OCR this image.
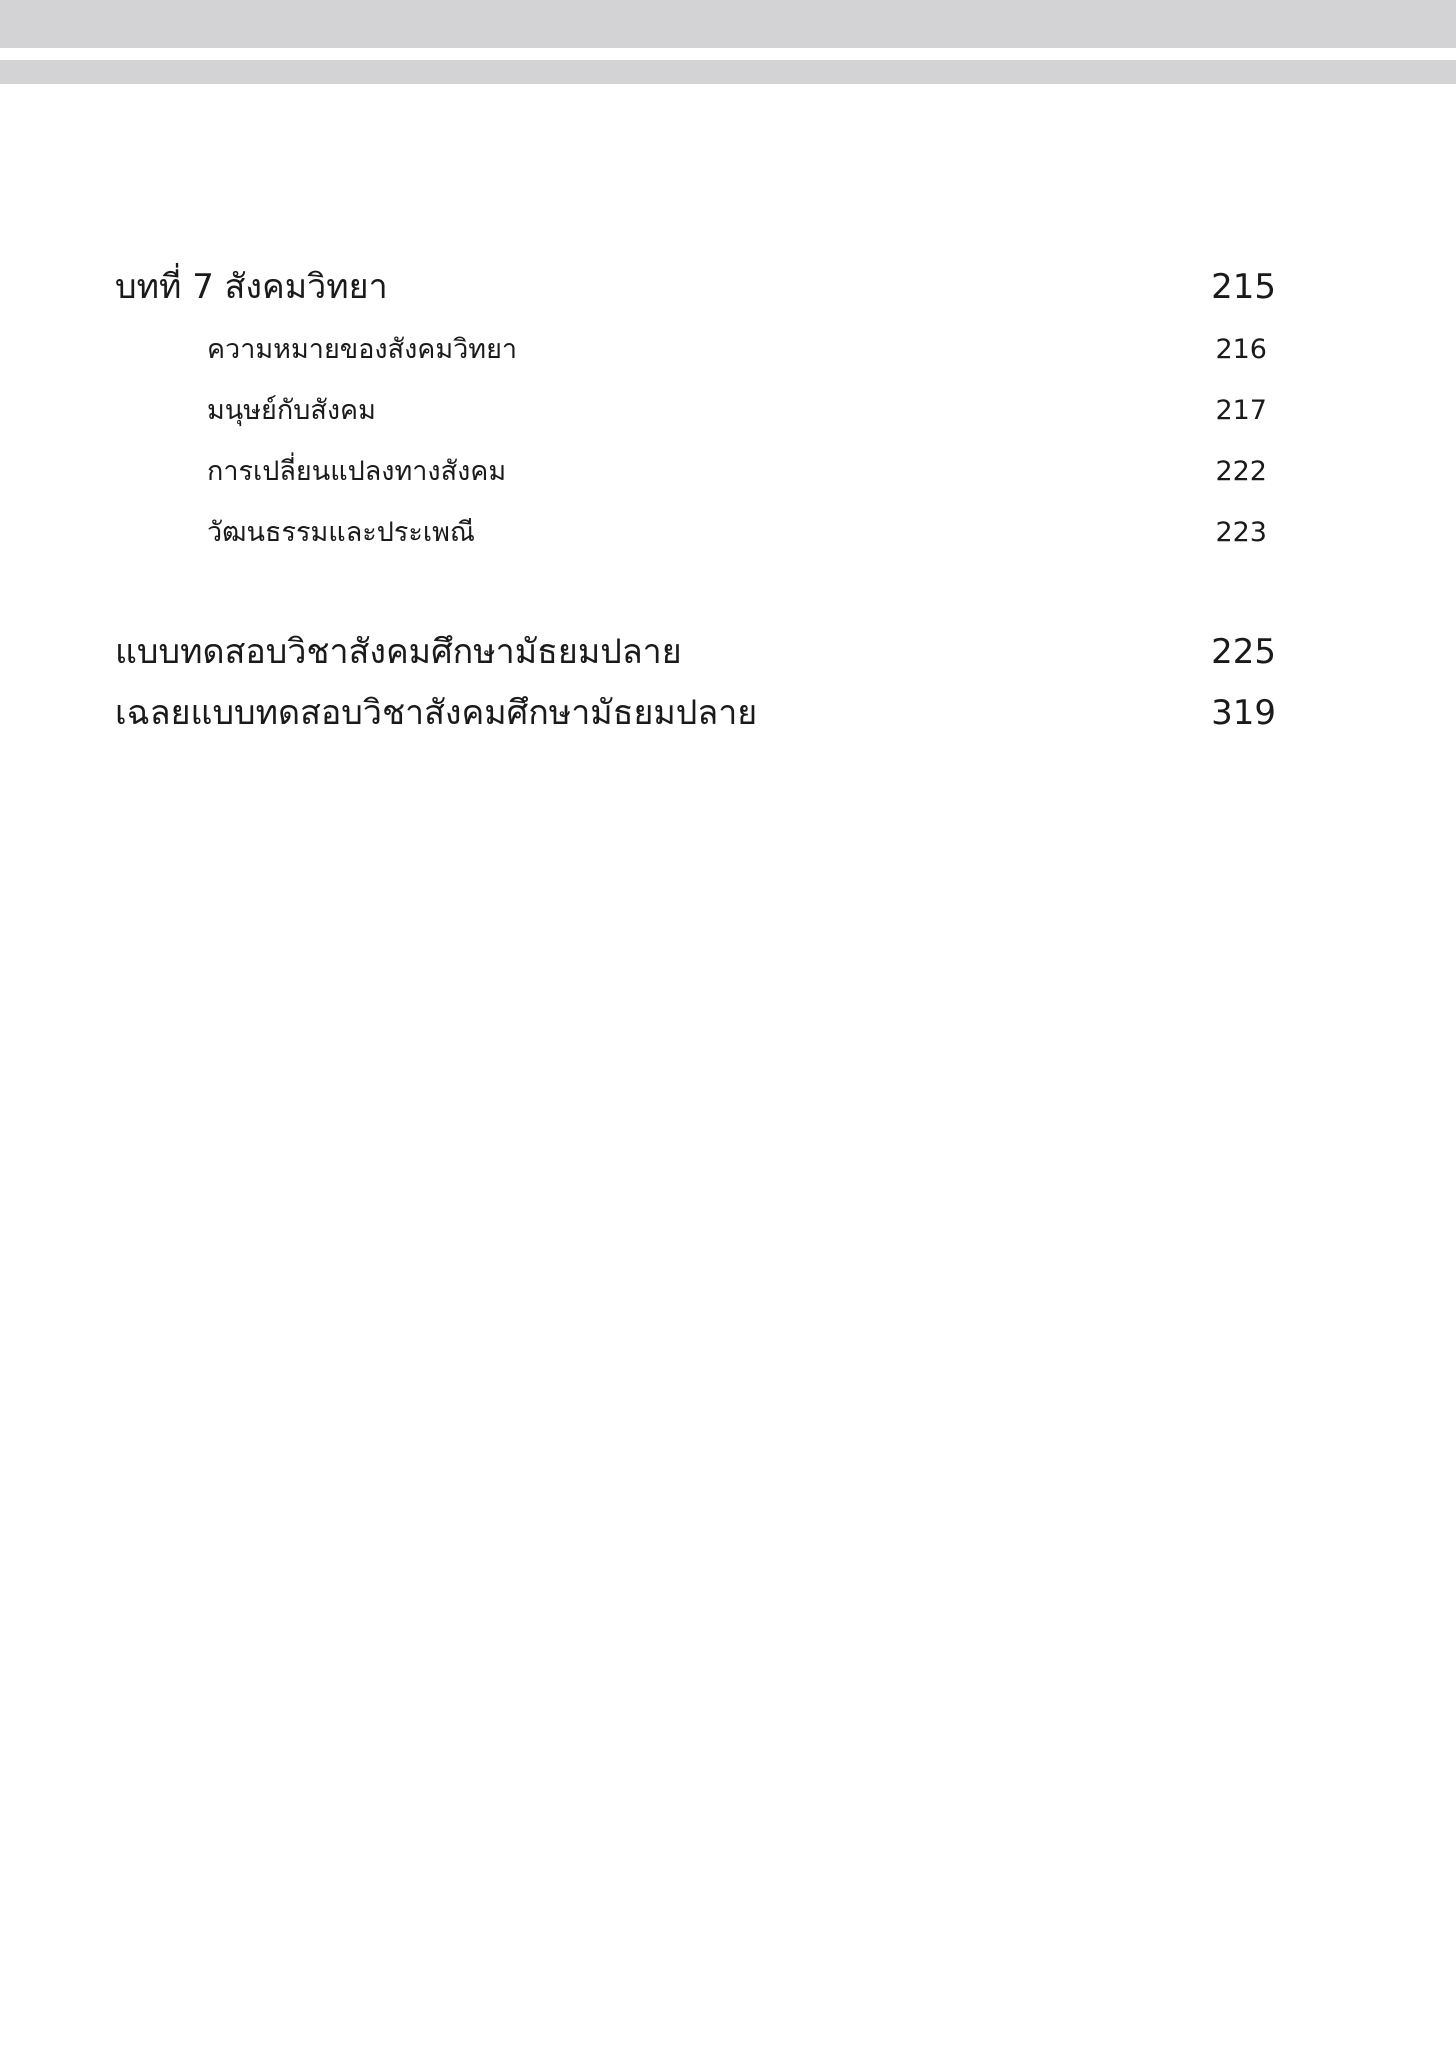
บทที่ 7 สังคมวิทยา	215
ความหมายของสังคมวิทยา	216
มนุษย์กับสังคม	217
การเปลี่ยนแปลงทางสังคม	222
วัฒนธรรมและประเพณี	223
แบบทดสอบวิชาสังคมศึกษามัธยมปลาย	225
เฉลยแบบทดสอบวิชาสังคมศึกษามัธยมปลาย	319
